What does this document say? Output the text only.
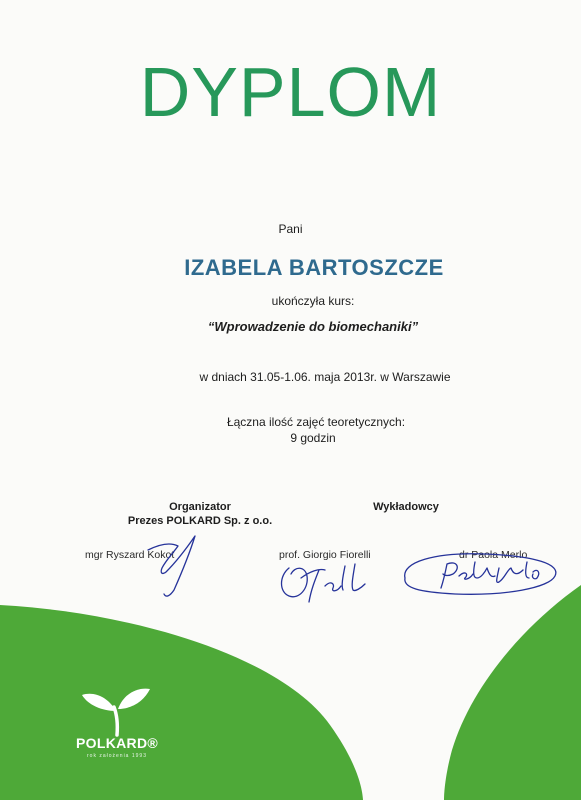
DYPLOM
Pani
IZABELA BARTOSZCZE
ukończyła kurs:
“Wprowadzenie do biomechaniki”
w dniach 31.05-1.06. maja 2013r. w Warszawie
Łączna ilość zajęć teoretycznych:
9 godzin
Organizator
Prezes POLKARD Sp. z o.o.
Wykładowcy
mgr Ryszard Kokot	prof. Giorgio Fiorelli	dr Paola Merlo
POLKARD®
rok założenia 1993
